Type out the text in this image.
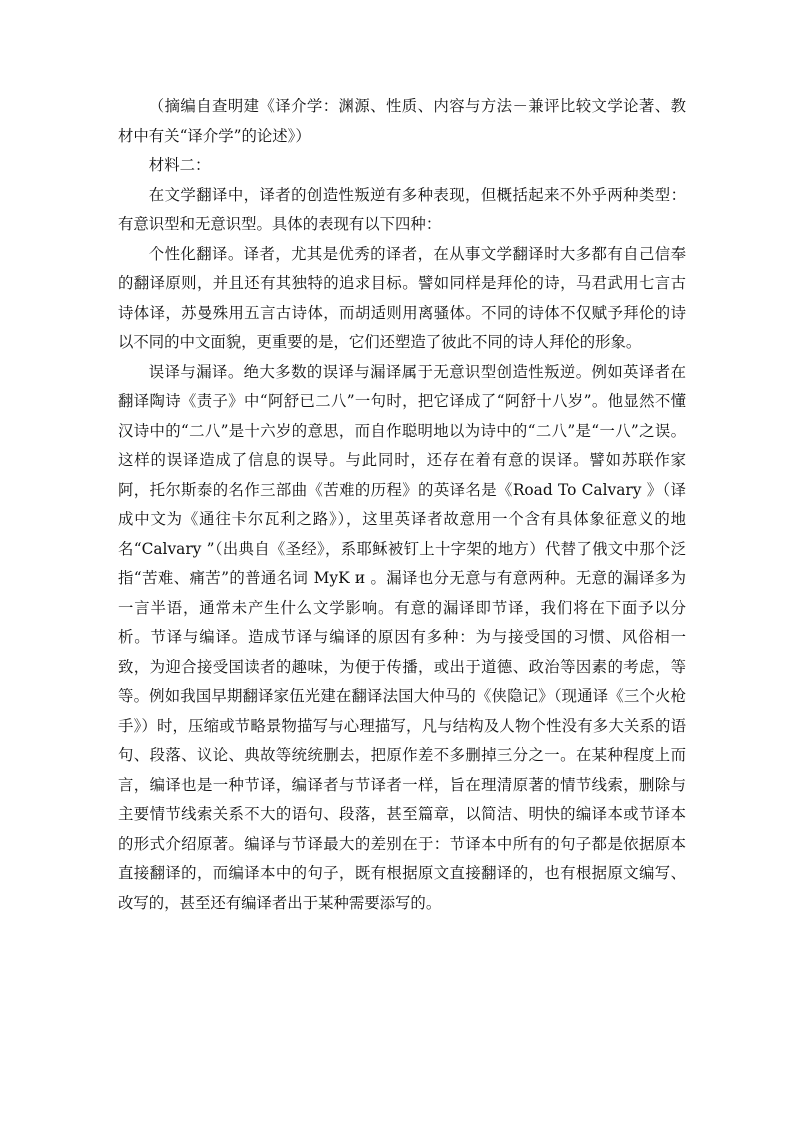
（摘编自查明建《译介学：渊源、性质、内容与方法－兼评比较文学论著、教材中有关“译介学”的论述》）

材料二：

在文学翻译中，译者的创造性叛逆有多种表现，但概括起来不外乎两种类型：有意识型和无意识型。具体的表现有以下四种：

个性化翻译。译者，尤其是优秀的译者，在从事文学翻译时大多都有自己信奉的翻译原则，并且还有其独特的追求目标。譬如同样是拜伦的诗，马君武用七言古诗体译，苏曼殊用五言古诗体，而胡适则用离骚体。不同的诗体不仅赋予拜伦的诗以不同的中文面貌，更重要的是，它们还塑造了彼此不同的诗人拜伦的形象。

误译与漏译。绝大多数的误译与漏译属于无意识型创造性叛逆。例如英译者在翻译陶诗《责子》中“阿舒已二八”一句时，把它译成了“阿舒十八岁”。他显然不懂汉诗中的“二八”是十六岁的意思，而自作聪明地以为诗中的“二八”是“一八”之误。这样的误译造成了信息的误导。与此同时，还存在着有意的误译。譬如苏联作家阿，托尔斯泰的名作三部曲《苦难的历程》的英译名是《Road To Calvary 》（译成中文为《通往卡尔瓦利之路》），这里英译者故意用一个含有具体象征意义的地名“Calvary ”（出典自《圣经》，系耶稣被钉上十字架的地方）代替了俄文中那个泛指“苦难、痛苦”的普通名词 MyK и 。漏译也分无意与有意两种。无意的漏译多为一言半语，通常未产生什么文学影响。有意的漏译即节译，我们将在下面予以分析。节译与编译。造成节译与编译的原因有多种：为与接受国的习惯、风俗相一致，为迎合接受国读者的趣味，为便于传播，或出于道德、政治等因素的考虑，等等。例如我国早期翻译家伍光建在翻译法国大仲马的《侠隐记》（现通译《三个火枪手》）时，压缩或节略景物描写与心理描写，凡与结构及人物个性没有多大关系的语句、段落、议论、典故等统统删去，把原作差不多删掉三分之一。在某种程度上而言，编译也是一种节译，编译者与节译者一样，旨在理清原著的情节线索，删除与主要情节线索关系不大的语句、段落，甚至篇章，以简洁、明快的编译本或节译本的形式介绍原著。编译与节译最大的差别在于：节译本中所有的句子都是依据原本直接翻译的，而编译本中的句子，既有根据原文直接翻译的，也有根据原文编写、改写的，甚至还有编译者出于某种需要添写的。
